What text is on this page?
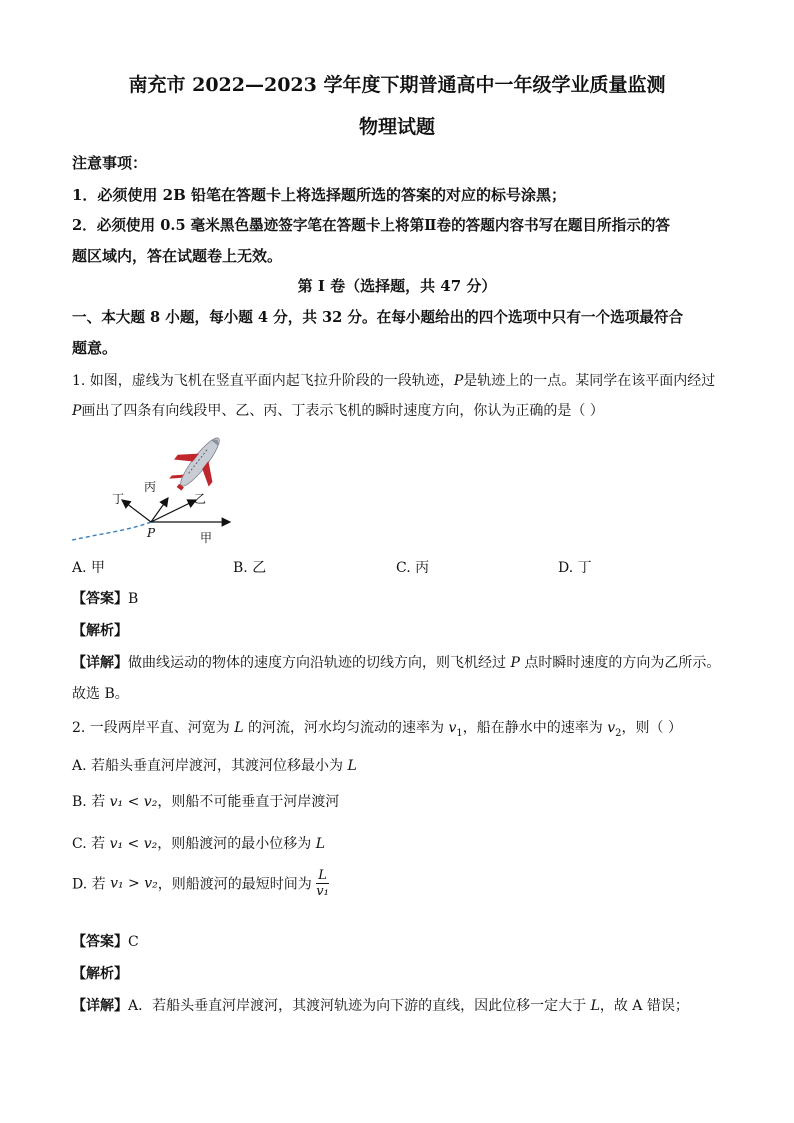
南充市 2022—2023 学年度下期普通高中一年级学业质量监测
物理试题
注意事项：
1．必须使用 2B 铅笔在答题卡上将选择题所选的答案的对应的标号涂黑；
2．必须使用 0.5 毫米黑色墨迹签字笔在答题卡上将第Ⅱ卷的答题内容书写在题目所指示的答
题区域内，答在试题卷上无效。
第 I 卷（选择题，共 47 分）
一、本大题 8 小题，每小题 4 分，共 32 分。在每小题给出的四个选项中只有一个选项最符合
题意。
1. 如图，虚线为飞机在竖直平面内起飞拉升阶段的一段轨迹，P是轨迹上的一点。某同学在该平面内经过
P画出了四条有向线段甲、乙、丙、丁表示飞机的瞬时速度方向，你认为正确的是（ ）
丙
乙
丁
甲
P
A. 甲	B. 乙	C. 丙	D. 丁
【答案】B
【解析】
【详解】做曲线运动的物体的速度方向沿轨迹的切线方向，则飞机经过 P 点时瞬时速度的方向为乙所示。
故选 B。
2. 一段两岸平直、河宽为 L 的河流，河水均匀流动的速率为 $v_1$，船在静水中的速率为 $v_2$，则（ ）
A. 若船头垂直河岸渡河，其渡河位移最小为 L
B. 若 v₁ < v₂，则船不可能垂直于河岸渡河
C. 若 v₁ < v₂，则船渡河的最小位移为 L
D. 若 v₁ > v₂，则船渡河的最短时间为 $\frac{L}{\text{v₁}}$
【答案】C
【解析】
【详解】A．若船头垂直河岸渡河，其渡河轨迹为向下游的直线，因此位移一定大于 L，故 A 错误；
